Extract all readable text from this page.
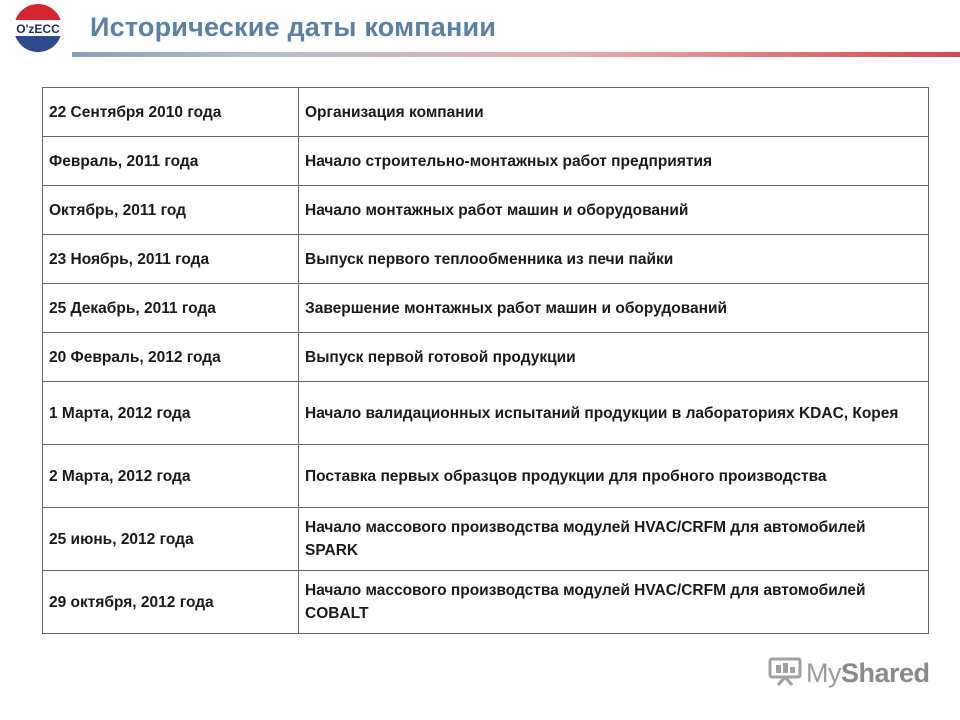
O'zECC Исторические даты компании
22 Сентября 2010 года	Организация компании
Февраль, 2011 года	Начало строительно-монтажных работ предприятия
Октябрь, 2011 год	Начало монтажных работ машин и оборудований
23 Ноябрь, 2011 года	Выпуск первого теплообменника из печи пайки
25 Декабрь, 2011 года	Завершение монтажных работ машин и оборудований
20 Февраль, 2012 года	Выпуск первой готовой продукции
1 Марта, 2012 года	Начало валидационных испытаний продукции в лабораториях KDAC, Корея
2 Марта, 2012 года	Поставка первых образцов продукции для пробного производства
25 июнь, 2012 года	Начало массового производства модулей HVAC/CRFM для автомобилей SPARK
29 октября, 2012 года	Начало массового производства модулей HVAC/CRFM для автомобилей COBALT
MyShared
